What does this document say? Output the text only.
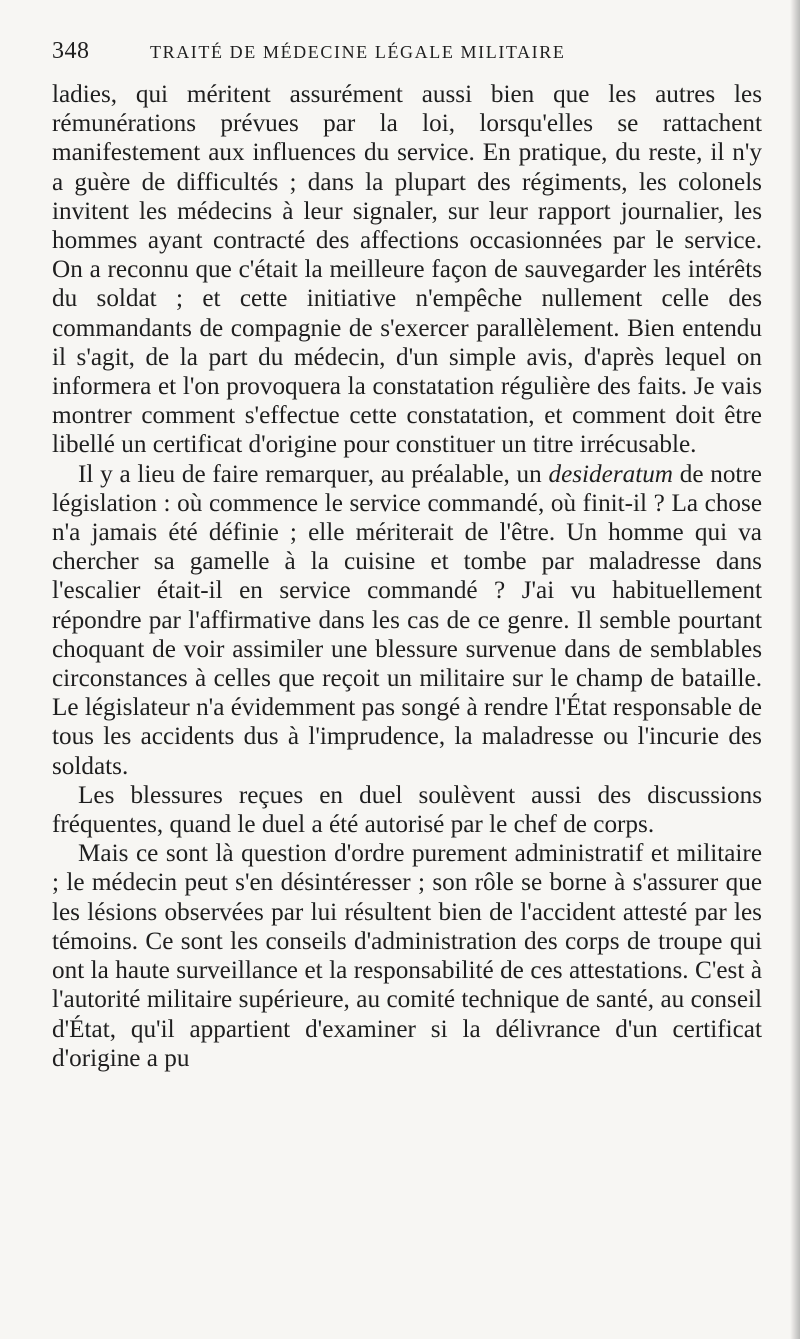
348	TRAITÉ DE MÉDECINE LÉGALE MILITAIRE

ladies, qui méritent assurément aussi bien que les autres les rémunérations prévues par la loi, lorsqu'elles se rattachent manifestement aux influences du service. En pratique, du reste, il n'y a guère de difficultés ; dans la plupart des régiments, les colonels invitent les médecins à leur signaler, sur leur rapport journalier, les hommes ayant contracté des affections occasionnées par le service. On a reconnu que c'était la meilleure façon de sauvegarder les intérêts du soldat ; et cette initiative n'empêche nullement celle des commandants de compagnie de s'exercer parallèlement. Bien entendu il s'agit, de la part du médecin, d'un simple avis, d'après lequel on informera et l'on provoquera la constatation régulière des faits. Je vais montrer comment s'effectue cette constatation, et comment doit être libellé un certificat d'origine pour constituer un titre irrécusable.

Il y a lieu de faire remarquer, au préalable, un desideratum de notre législation : où commence le service commandé, où finit-il ? La chose n'a jamais été définie ; elle mériterait de l'être. Un homme qui va chercher sa gamelle à la cuisine et tombe par maladresse dans l'escalier était-il en service commandé ? J'ai vu habituellement répondre par l'affirmative dans les cas de ce genre. Il semble pourtant choquant de voir assimiler une blessure survenue dans de semblables circonstances à celles que reçoit un militaire sur le champ de bataille. Le législateur n'a évidemment pas songé à rendre l'État responsable de tous les accidents dus à l'imprudence, la maladresse ou l'incurie des soldats.

Les blessures reçues en duel soulèvent aussi des discussions fréquentes, quand le duel a été autorisé par le chef de corps.

Mais ce sont là question d'ordre purement administratif et militaire ; le médecin peut s'en désintéresser ; son rôle se borne à s'assurer que les lésions observées par lui résultent bien de l'accident attesté par les témoins. Ce sont les conseils d'administration des corps de troupe qui ont la haute surveillance et la responsabilité de ces attestations. C'est à l'autorité militaire supérieure, au comité technique de santé, au conseil d'État, qu'il appartient d'examiner si la délivrance d'un certificat d'origine a pu
